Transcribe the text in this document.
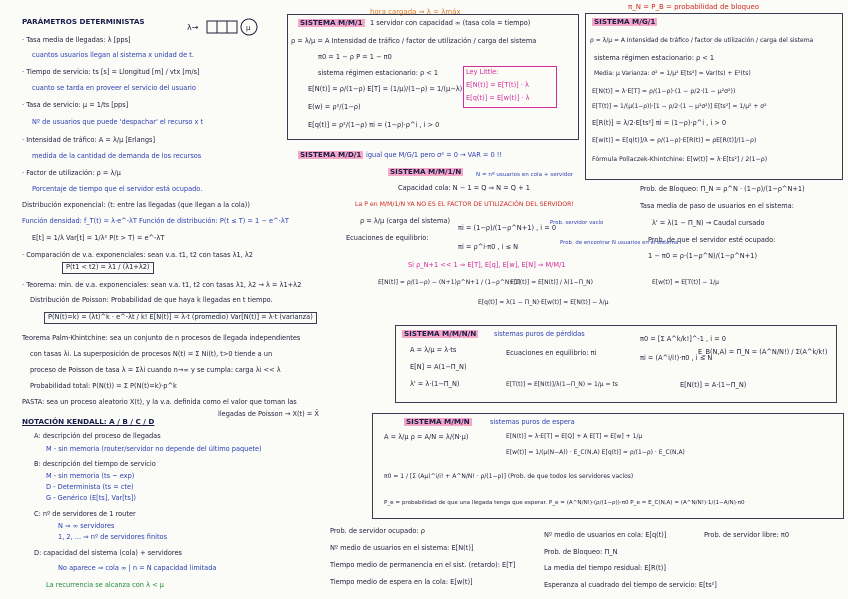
PARÁMETROS DETERMINISTAS
· Tasa media de llegadas: λ [pps]
cuantos usuarios llegan al sistema x unidad de t.
· Tiempo de servicio: ts [s] = Llongitud [m] / vtx [m/s]
cuanto se tarda en proveer el servicio del usuario
· Tasa de servicio: μ = 1/ts [pps]
Nº de usuarios que puede 'despachar' el recurso x t
· Intensidad de tráfico: A = λ/μ [Erlangs]
medida de la cantidad de demanda de los recursos
· Factor de utilización: ρ = λ/μ
Porcentaje de tiempo que el servidor está ocupado.
Distribución exponencial: (t: entre las llegadas (que llegan a la cola))
Función densidad: f_T(t) = λ·e^-λT Función de distribución: P(t ≤ T) = 1 − e^-λT
E[t] = 1/λ Var[t] = 1/λ² P(t > T) = e^-λT
· Comparación de v.a. exponenciales: sean v.a. t1, t2 con tasas λ1, λ2
P(t1 < t2) = λ1 / (λ1+λ2)
· Teorema: min. de v.a. exponenciales: sean v.a. t1, t2 con tasas λ1, λ2 → λ = λ1+λ2
Distribución de Poisson: Probabilidad de que haya k llegadas en t tiempo.
P(N(t)=k) = (λt)^k · e^-λt / k! E[N(t)] = λ·t (promedio) Var[N(t)] = λ·t (varianza)
Teorema Palm-Khintchine: sea un conjunto de n procesos de llegada independientes
con tasas λi. La superposición de procesos N(t) = Σ Ni(t), t>0 tiende a un
proceso de Poisson de tasa λ = Σλi cuando n→∞ y se cumpla: carga λi << λ
Probabilidad total: P(N(t)) = Σ P(N(t)=k)·p^k
PASTA: sea un proceso aleatorio X(t), y la v.a. definida como el valor que toman las
llegadas de Poisson → X(t) = X̄
NOTACIÓN KENDALL: A / B / C / D
A: descripción del proceso de llegadas
M - sin memoria (router/servidor no depende del último paquete)
B: descripción del tiempo de servicio
M - sin memoria (ts ~ exp)
D - Determinista (ts = cte)
G - Genérico (E[ts], Var[ts])
C: nº de servidores de 1 router
N ⇒ ∞ servidores
1, 2, ... ⇒ nº de servidores finitos
D: capacidad del sistema (cola) + servidores
No aparece ⇒ cola ∞ | n = N capacidad limitada
La recurrencia se alcanza con λ < μ
λ→	μ
hora cargada ⇒ λ = λmáx
SISTEMA M/M/1	1 servidor con capacidad ∞ (tasa cola = tiempo)
ρ = λ/μ = A Intensidad de tráfico / factor de utilización / carga del sistema
π0 = 1 − ρ P = 1 − π0
sistema régimen estacionario: ρ < 1
E[N(t)] = ρ/(1−ρ) E[T] = (1/μ)/(1−ρ) = 1/(μ−λ)
E(w) = ρ²/(1−ρ)
E[q(t)] = ρ²/(1−ρ) πi = (1−ρ)·ρ^i , i > 0
Ley Little:
E[N(t)] = E[T(t)] · λ
E[q(t)] = E[w(t)] · λ
π_N = P_B = probabilidad de bloqueo
SISTEMA M/G/1
ρ = λ/μ = A Intensidad de tráfico / factor de utilización / carga del sistema
sistema régimen estacionario: ρ < 1
Media: μ Varianza: σ² = 1/μ² E[ts²] = Var(ts) + E²(ts)
E[N(t)] = λ·E[T] = ρ/(1−ρ)·(1 − ρ/2·(1 − μ²σ²))
E[T(t)] = 1/(μ(1−ρ))·[1 − ρ/2·(1 − μ²σ²)] E[ts²] = 1/μ² + σ²
E[R(t)] = λ/2·E[ts²] πi = (1−ρ)·ρ^i , i > 0
E[w(t)] = E[q(t)]/λ = ρ/(1−ρ)·E[R(t)] = ρE[R(t)]/(1−ρ)
Fórmula Pollaczek-Khintchine: E[w(t)] = λ·E[ts²] / 2(1−ρ)
Prob. de Bloqueo: Π_N = ρ^N · (1−ρ)/(1−ρ^N+1)
Tasa media de paso de usuarios en el sistema:
λ' = λ(1 − Π_N) → Caudal cursado
Prob. de que el servidor esté ocupado:
1 − π0 = ρ·(1−ρ^N)/(1−ρ^N+1)
SISTEMA M/D/1 igual que M/G/1 pero σ² = 0 → VAR = 0 !!
SISTEMA M/M/1/N	N = nº usuarios en cola + servidor
Capacidad cola: N − 1 = Q ⇒ N = Q + 1
La P en M/M/1/N YA NO ES EL FACTOR DE UTILIZACIÓN DEL SERVIDOR!
ρ = λ/μ (carga del sistema)
Ecuaciones de equilibrio:
πi = (1−ρ)/(1−ρ^N+1) , i = 0
πi = ρ^i·π0 , i ≤ N
Prob. servidor vacío
Prob. de encontrar N usuarios en el sistema
Si ρ_N+1 << 1 ⇒ E[T], E[q], E[w], E[N] ⇒ M/M/1
E[N(t)] = ρ/(1−ρ) − (N+1)ρ^N+1 / (1−ρ^N+1)
E[T(t)] = E[N(t)] / λ(1−Π_N)	E[w(t)] = E[T(t)] − 1/μ
E[q(t)] = λ(1 − Π_N)·E[w(t)] = E[N(t)] − λ/μ
SISTEMA M/M/N/N	sistemas puros de pérdidas
A = λ/μ = λ·ts
E[N] = A(1−Π_N)
λ' = λ·(1−Π_N)
Ecuaciones en equilibrio: πi
π0 = [Σ A^k/k!]^-1 , i = 0
πi = (A^i/i!)·π0 , i ≤ N
E_B(N,A) = Π_N = (A^N/N!) / Σ(A^k/k!)
E[T(t)] = E[N(t)]/λ(1−Π_N) = 1/μ = ts	E[N(t)] = A·(1−Π_N)
SISTEMA M/M/N	sistemas puros de espera
A = λ/μ ρ = A/N = λ/(N·μ)	E[N(t)] = λ·E[T] = E[Q] + A E[T] = E[w] + 1/μ
E[w(t)] = 1/(μ(N−A)) · E_C(N,A) E[q(t)] = ρ/(1−ρ) · E_C(N,A)
π0 = 1 / [Σ (Aμ)^i/i! + A^N/N! · ρ/(1−ρ)] (Prob. de que todos los servidores vacíos)
P_e = probabilidad de que una llegada tenga que esperar. P_e = (A^N/N!)·(ρ/(1−ρ))·π0 P_e = E_C(N,A) = (A^N/N!)·1/(1−A/N)·π0
Prob. de servidor ocupado: ρ
Nº medio de usuarios en el sistema: E[N(t)]
Tiempo medio de permanencia en el sist. (retardo): E[T]
Tiempo medio de espera en la cola: E[w(t)]
Nº medio de usuarios en cola: E[q(t)]
Prob. de Bloqueo: Π_N
La media del tiempo residual: E[R(t)]
Esperanza al cuadrado del tiempo de servicio: E[ts²]
Prob. de servidor libre: π0
